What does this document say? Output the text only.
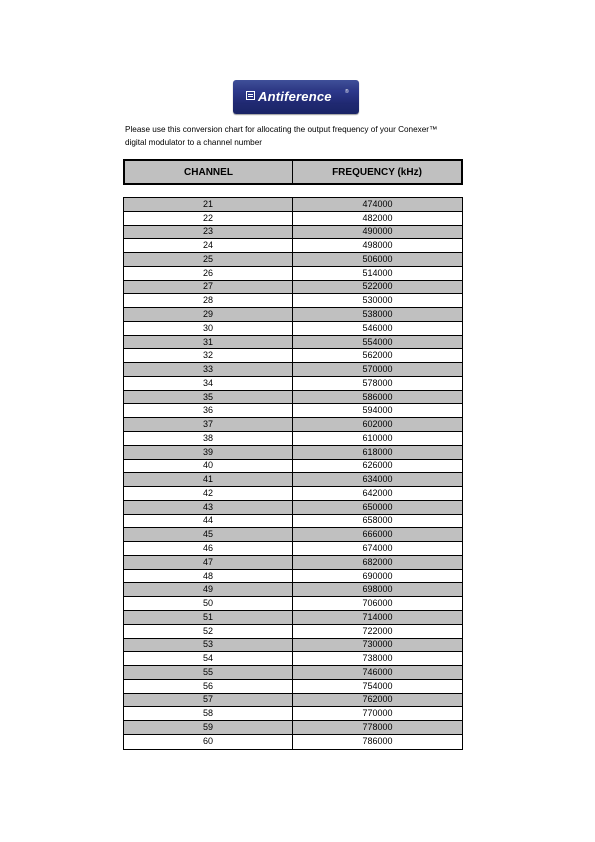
Antiference	®
Please use this conversion chart for allocating the output frequency of your Conexer™
digital modulator to a channel number
CHANNEL	FREQUENCY (kHz)
21	474000
22	482000
23	490000
24	498000
25	506000
26	514000
27	522000
28	530000
29	538000
30	546000
31	554000
32	562000
33	570000
34	578000
35	586000
36	594000
37	602000
38	610000
39	618000
40	626000
41	634000
42	642000
43	650000
44	658000
45	666000
46	674000
47	682000
48	690000
49	698000
50	706000
51	714000
52	722000
53	730000
54	738000
55	746000
56	754000
57	762000
58	770000
59	778000
60	786000
